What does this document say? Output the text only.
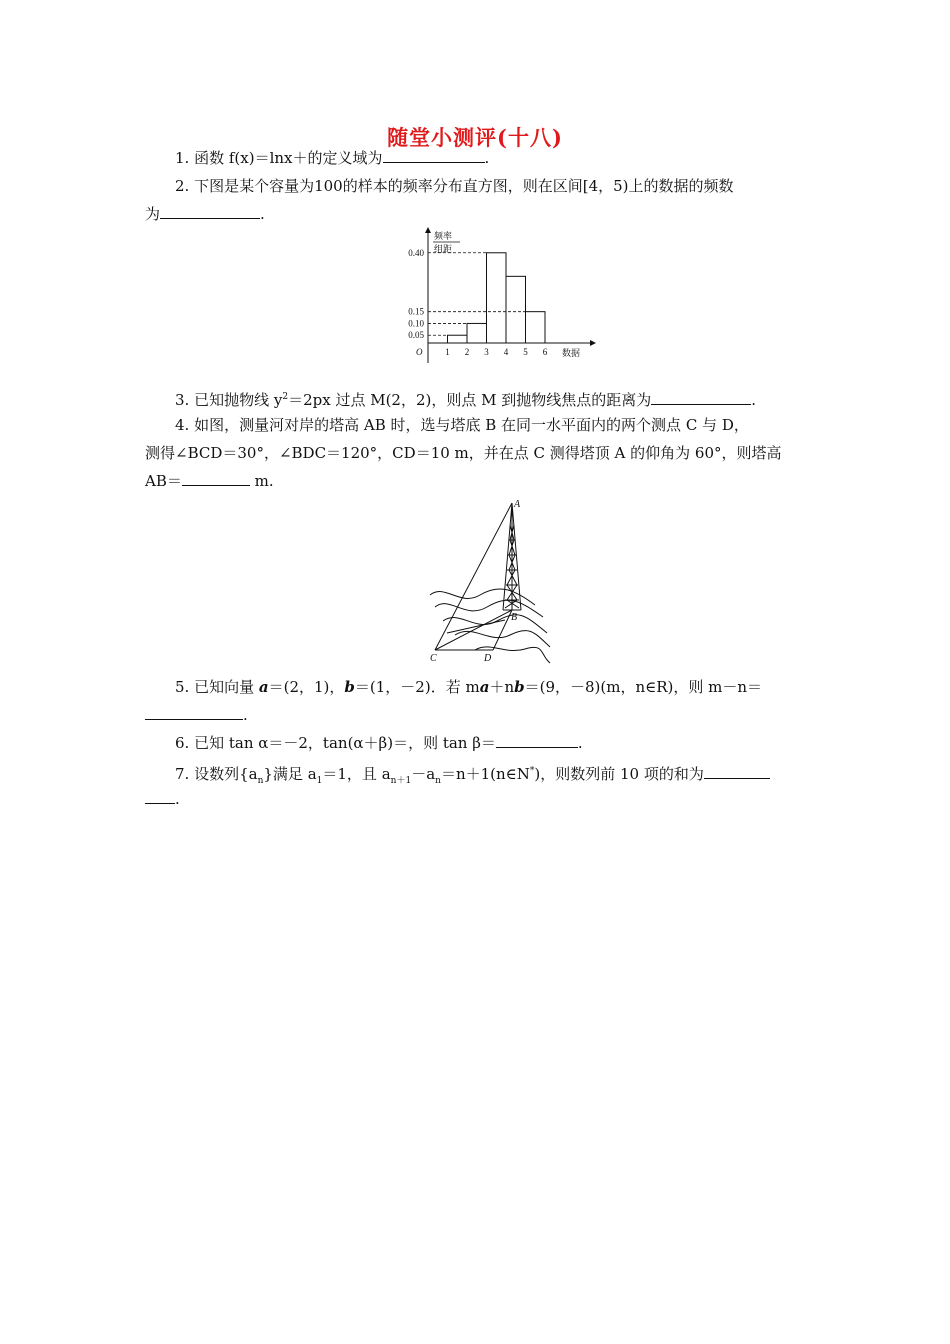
随堂小测评(十八)
1. 函数 f(x)＝lnx＋的定义域为	.
2. 下图是某个容量为100的样本的频率分布直方图，则在区间[4，5)上的数据的频数
为	.
频率
组距
数据
O
0.05
0.10
0.15
0.40
1 2 3 4 5 6
3. 已知抛物线 $y^2=2px$ 过点 M(2，2)，则点 M 到抛物线焦点的距离为	.
4. 如图，测量河对岸的塔高 AB 时，选与塔底 B 在同一水平面内的两个测点 C 与 D，
测得∠BCD＝30°，∠BDC＝120°，CD＝10 m，并在点 C 测得塔顶 A 的仰角为 60°，则塔高
AB＝	m.
A
B
C	D
5. 已知向量 a＝(2，1)，b＝(1，－2)．若 ma＋nb＝(9，－8)(m，n∈R)，则 m－n＝
.
6. 已知 tan α＝－2，tan(α＋β)＝，则 tan β＝	.
7. 设数列$\{a_n\}$满足 $a_1=1$，且 $a_{n+1}-a_n=n+1(n\in N^*)$，则数列前 10 项的和为
.
